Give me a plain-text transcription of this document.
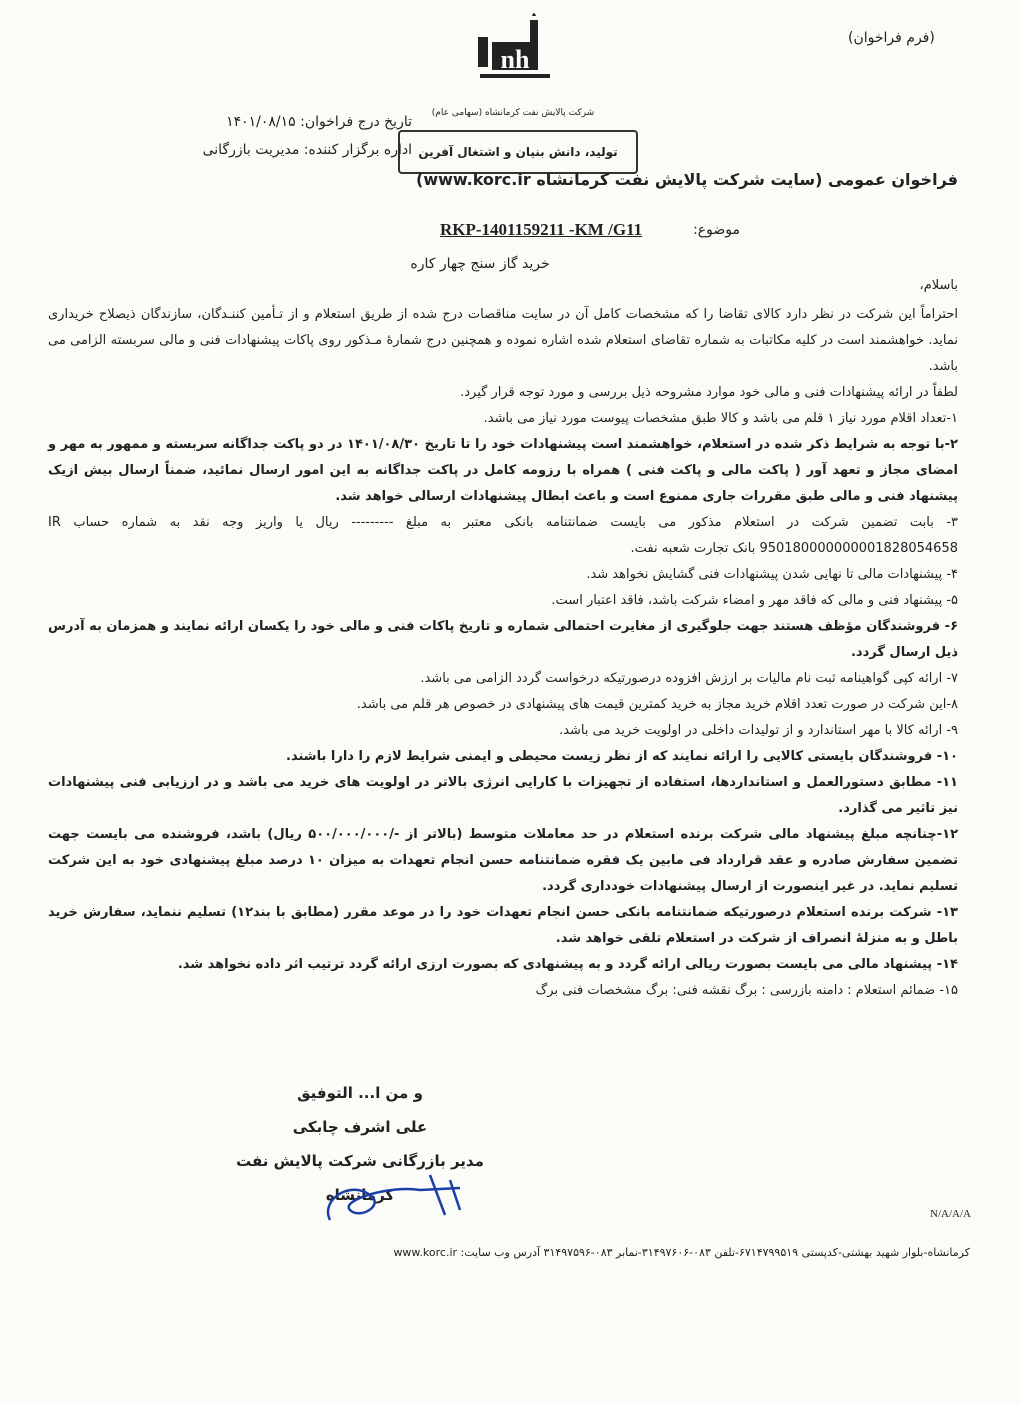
(فرم فراخوان)
nh
شرکت پالایش نفت کرمانشاه (سهامی عام)
تولید، دانش بنیان و اشتغال آفرین
تاریخ درج فراخوان: ۱۴۰۱/۰۸/۱۵
اداره برگزار کننده: مدیریت بازرگانی
فراخوان عمومی (سایت شرکت پالایش نفت کرمانشاه www.korc.ir)
موضوع:
RKP-1401159211 -KM /G11
خرید گاز سنج چهار کاره
باسلام،

احتراماً این شرکت در نظر دارد کالای تقاضا را که مشخصات کامل آن در سایت مناقصات درج شده از طریق استعلام و از تـأمین کننـدگان، سازندگان ذیصلاح خریداری نماید. خواهشمند است در کلیه مکاتبات به شماره تقاضای استعلام شده اشاره نموده و همچنین درج شمارهٔ مـذکور روی پاکات پیشنهادات فنی و مالی سربسته الزامی می باشد.

لطفاً در ارائه پیشنهادات فنی و مالی خود موارد مشروحه ذیل بررسی و مورد توجه قرار گیرد.

۱-تعداد اقلام مورد نیاز ۱ قلم می باشد و کالا طبق مشخصات پیوست مورد نیاز می باشد.

۲-با توجه به شرایط ذکر شده در استعلام، خواهشمند است پیشنهادات خود را تا تاریخ ۱۴۰۱/۰۸/۳۰ در دو پاکت جداگانه سربسته و ممهور به مهر و امضای مجاز و تعهد آور ( پاکت مالی و پاکت فنی ) همراه با رزومه کامل در پاکت جداگانه به این امور ارسال نمائید، ضمناً ارسال بیش ازیک پیشنهاد فنی و مالی طبق مقررات جاری ممنوع است و باعث ابطال پیشنهادات ارسالی خواهد شد.

۳- بابت تضمین شرکت در استعلام مذکور می بایست ضمانتنامه بانکی معتبر به مبلغ --------- ریال یا واریز وجه نقد به شماره حساب IR 950180000000001828054658 بانک تجارت شعبه نفت.

۴- پیشنهادات مالی تا نهایی شدن پیشنهادات فنی گشایش نخواهد شد.

۵- پیشنهاد فنی و مالی که فاقد مهر و امضاء شرکت باشد، فاقد اعتبار است.

۶- فروشندگان مؤظف هستند جهت جلوگیری از مغایرت احتمالی شماره و تاریخ پاکات فنی و مالی خود را یکسان ارائه نمایند و همزمان به آدرس ذیل ارسال گردد.

۷- ارائه کپی گواهینامه ثبت نام مالیات بر ارزش افزوده درصورتیکه درخواست گردد الزامی می باشد.

۸-این شرکت در صورت تعدد اقلام خرید مجاز به خرید کمترین قیمت های پیشنهادی در خصوص هر قلم می باشد.

۹- ارائه کالا با مهر استاندارد و از تولیدات داخلی در اولویت خرید می باشد.

۱۰- فروشندگان بایستی کالایی را ارائه نمایند که از نظر زیست محیطی و ایمنی شرایط لازم را دارا باشند.

۱۱- مطابق دستورالعمل و استانداردها، استفاده از تجهیزات با کارایی انرژی بالاتر در اولویت های خرید می باشد و در ارزیابی فنی پیشنهادات نیز تاثیر می گذارد.

۱۲-چنانچه مبلغ پیشنهاد مالی شرکت برنده استعلام در حد معاملات متوسط (بالاتر از -/۵۰۰/۰۰۰/۰۰۰ ریال) باشد، فروشنده می بایست جهت تضمین سفارش صادره و عقد قرارداد فی مابین یک فقره ضمانتنامه حسن انجام تعهدات به میزان ۱۰ درصد مبلغ پیشنهادی خود به این شرکت تسلیم نماید. در غیر اینصورت از ارسال پیشنهادات خودداری گردد.

۱۳- شرکت برنده استعلام درصورتیکه ضمانتنامه بانکی حسن انجام تعهدات خود را در موعد مقرر (مطابق با بند۱۲) تسلیم ننماید، سفارش خرید باطل و به منزلهٔ انصراف از شرکت در استعلام تلقی خواهد شد.

۱۴- پیشنهاد مالی می بایست بصورت ریالی ارائه گردد و به پیشنهادی که بصورت ارزی ارائه گردد ترتیب اثر داده نخواهد شد.

۱۵- ضمائم استعلام : دامنه بازرسی : برگ نقشه فنی: برگ مشخصات فنی برگ

و من ا... التوفیق
علی اشرف چابکی
مدیر بازرگانی شرکت پالایش نفت کرمانشاه
N/A/A/A
کرمانشاه-بلوار شهید بهشتی-کدپستی ۶۷۱۴۷۹۹۵۱۹-تلفن ۰۸۳-۳۱۴۹۷۶۰۶-نمابر ۰۸۳-۳۱۴۹۷۵۹۶ آدرس وب سایت: www.korc.ir
